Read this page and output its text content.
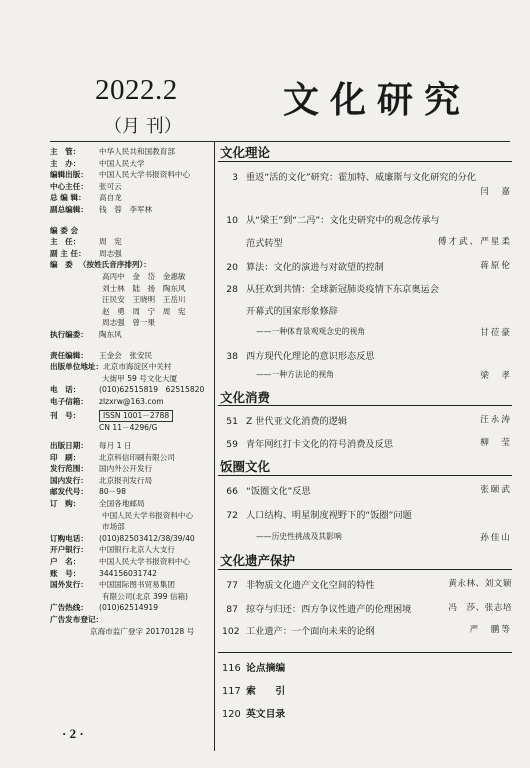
2022.2
（月 刊）
文化研究
主　管：	中华人民共和国教育部
主　办：	中国人民大学
编辑出版：	中国人民大学书报资料中心
中心主任：	张可云
总 编 辑：	高自龙
副总编辑：	钱　蓉　李军林
编 委 会
主　任：	周　宪
副 主 任：	周志强
编　委 （按姓氏音序排列）：
高丙中　金　岱　金惠敏
刘士林　陆　扬　陶东风
汪民安　王晓明　王岳川
赵　勇　周　宁　周　宪
周志强　曾一果
执行编委：	陶东风
责任编辑：	王金会　张安民
出版单位地址： 北京市海淀区中关村
大街甲 59 号文化大厦
电　话：	(010)62515819　62515820
电子信箱：	zlzxrw@163.com
刊　号：	ISSN 1001－2788
CN 11－4296/G
出版日期：	每月 1 日
印　刷：	北京科信印刷有限公司
发行范围：	国内外公开发行
国内发行：	北京报刊发行局
邮发代号：	80－98
订　购：	全国各地邮局
中国人民大学书报资料中心
市场部
订购电话：	(010)82503412/38/39/40
开户银行：	中国银行北京人大支行
户　名：	中国人民大学书报资料中心
账　号：	344156031742
国外发行：	中国国际图书贸易集团
有限公司(北京 399 信箱)
广告热线：	(010)62514919
广告发布登记：
京海市监广登字 20170128 号
· 2 ·
文化理论
3 重返“活的文化”研究：霍加特、威廉斯与文化研究的分化
闫　嘉
10 从“梁王”到“二冯”：文化史研究中的观念传承与
范式转型	傅才武、严星柔
20 算法：文化的演进与对欲望的控制	蒋原伦
28 从狂欢到共情：全球新冠肺炎疫情下东京奥运会
开幕式的国家形象修辞
——一种体育景观观念史的视角	甘莅豪
38 西方现代化理论的意识形态反思
——一种方法论的视角	梁　孝
文化消费
51 Z 世代亚文化消费的逻辑	汪永涛
59 青年网红打卡文化的符号消费及反思	柳　莹
饭圈文化
66 “饭圈文化”反思	张颐武
72 人口结构、明星制度视野下的“饭圈”问题
——历史性挑战及其影响	孙佳山
文化遗产保护
77 非物质文化遗产文化空间的特性	黄永林、刘文颖
87 掠夺与归还：西方争议性遗产的伦理困境	冯　莎、张志培
102 工业遗产：一个面向未来的论纲	严　鹏等
116 论点摘编
117 索　　引
120 英文目录
